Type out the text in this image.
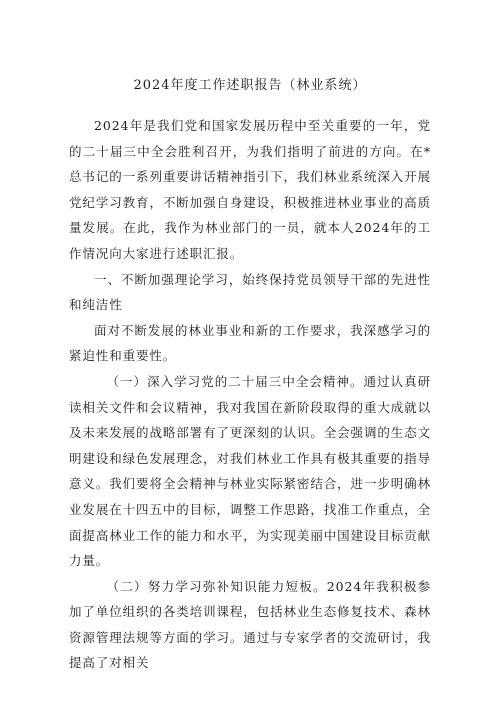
2024年度工作述职报告（林业系统）

2024年是我们党和国家发展历程中至关重要的一年，党的二十届三中全会胜利召开，为我们指明了前进的方向。在*总书记的一系列重要讲话精神指引下，我们林业系统深入开展党纪学习教育，不断加强自身建设，积极推进林业事业的高质量发展。在此，我作为林业部门的一员，就本人2024年的工作情况向大家进行述职汇报。

一、不断加强理论学习，始终保持党员领导干部的先进性和纯洁性

面对不断发展的林业事业和新的工作要求，我深感学习的紧迫性和重要性。

（一）深入学习党的二十届三中全会精神。通过认真研读相关文件和会议精神，我对我国在新阶段取得的重大成就以及未来发展的战略部署有了更深刻的认识。全会强调的生态文明建设和绿色发展理念，对我们林业工作具有极其重要的指导意义。我们要将全会精神与林业实际紧密结合，进一步明确林业发展在十四五中的目标，调整工作思路，找准工作重点，全面提高林业工作的能力和水平，为实现美丽中国建设目标贡献力量。

（二）努力学习弥补知识能力短板。2024年我积极参加了单位组织的各类培训课程，包括林业生态修复技术、森林资源管理法规等方面的学习。通过与专家学者的交流研讨，我提高了对相关
